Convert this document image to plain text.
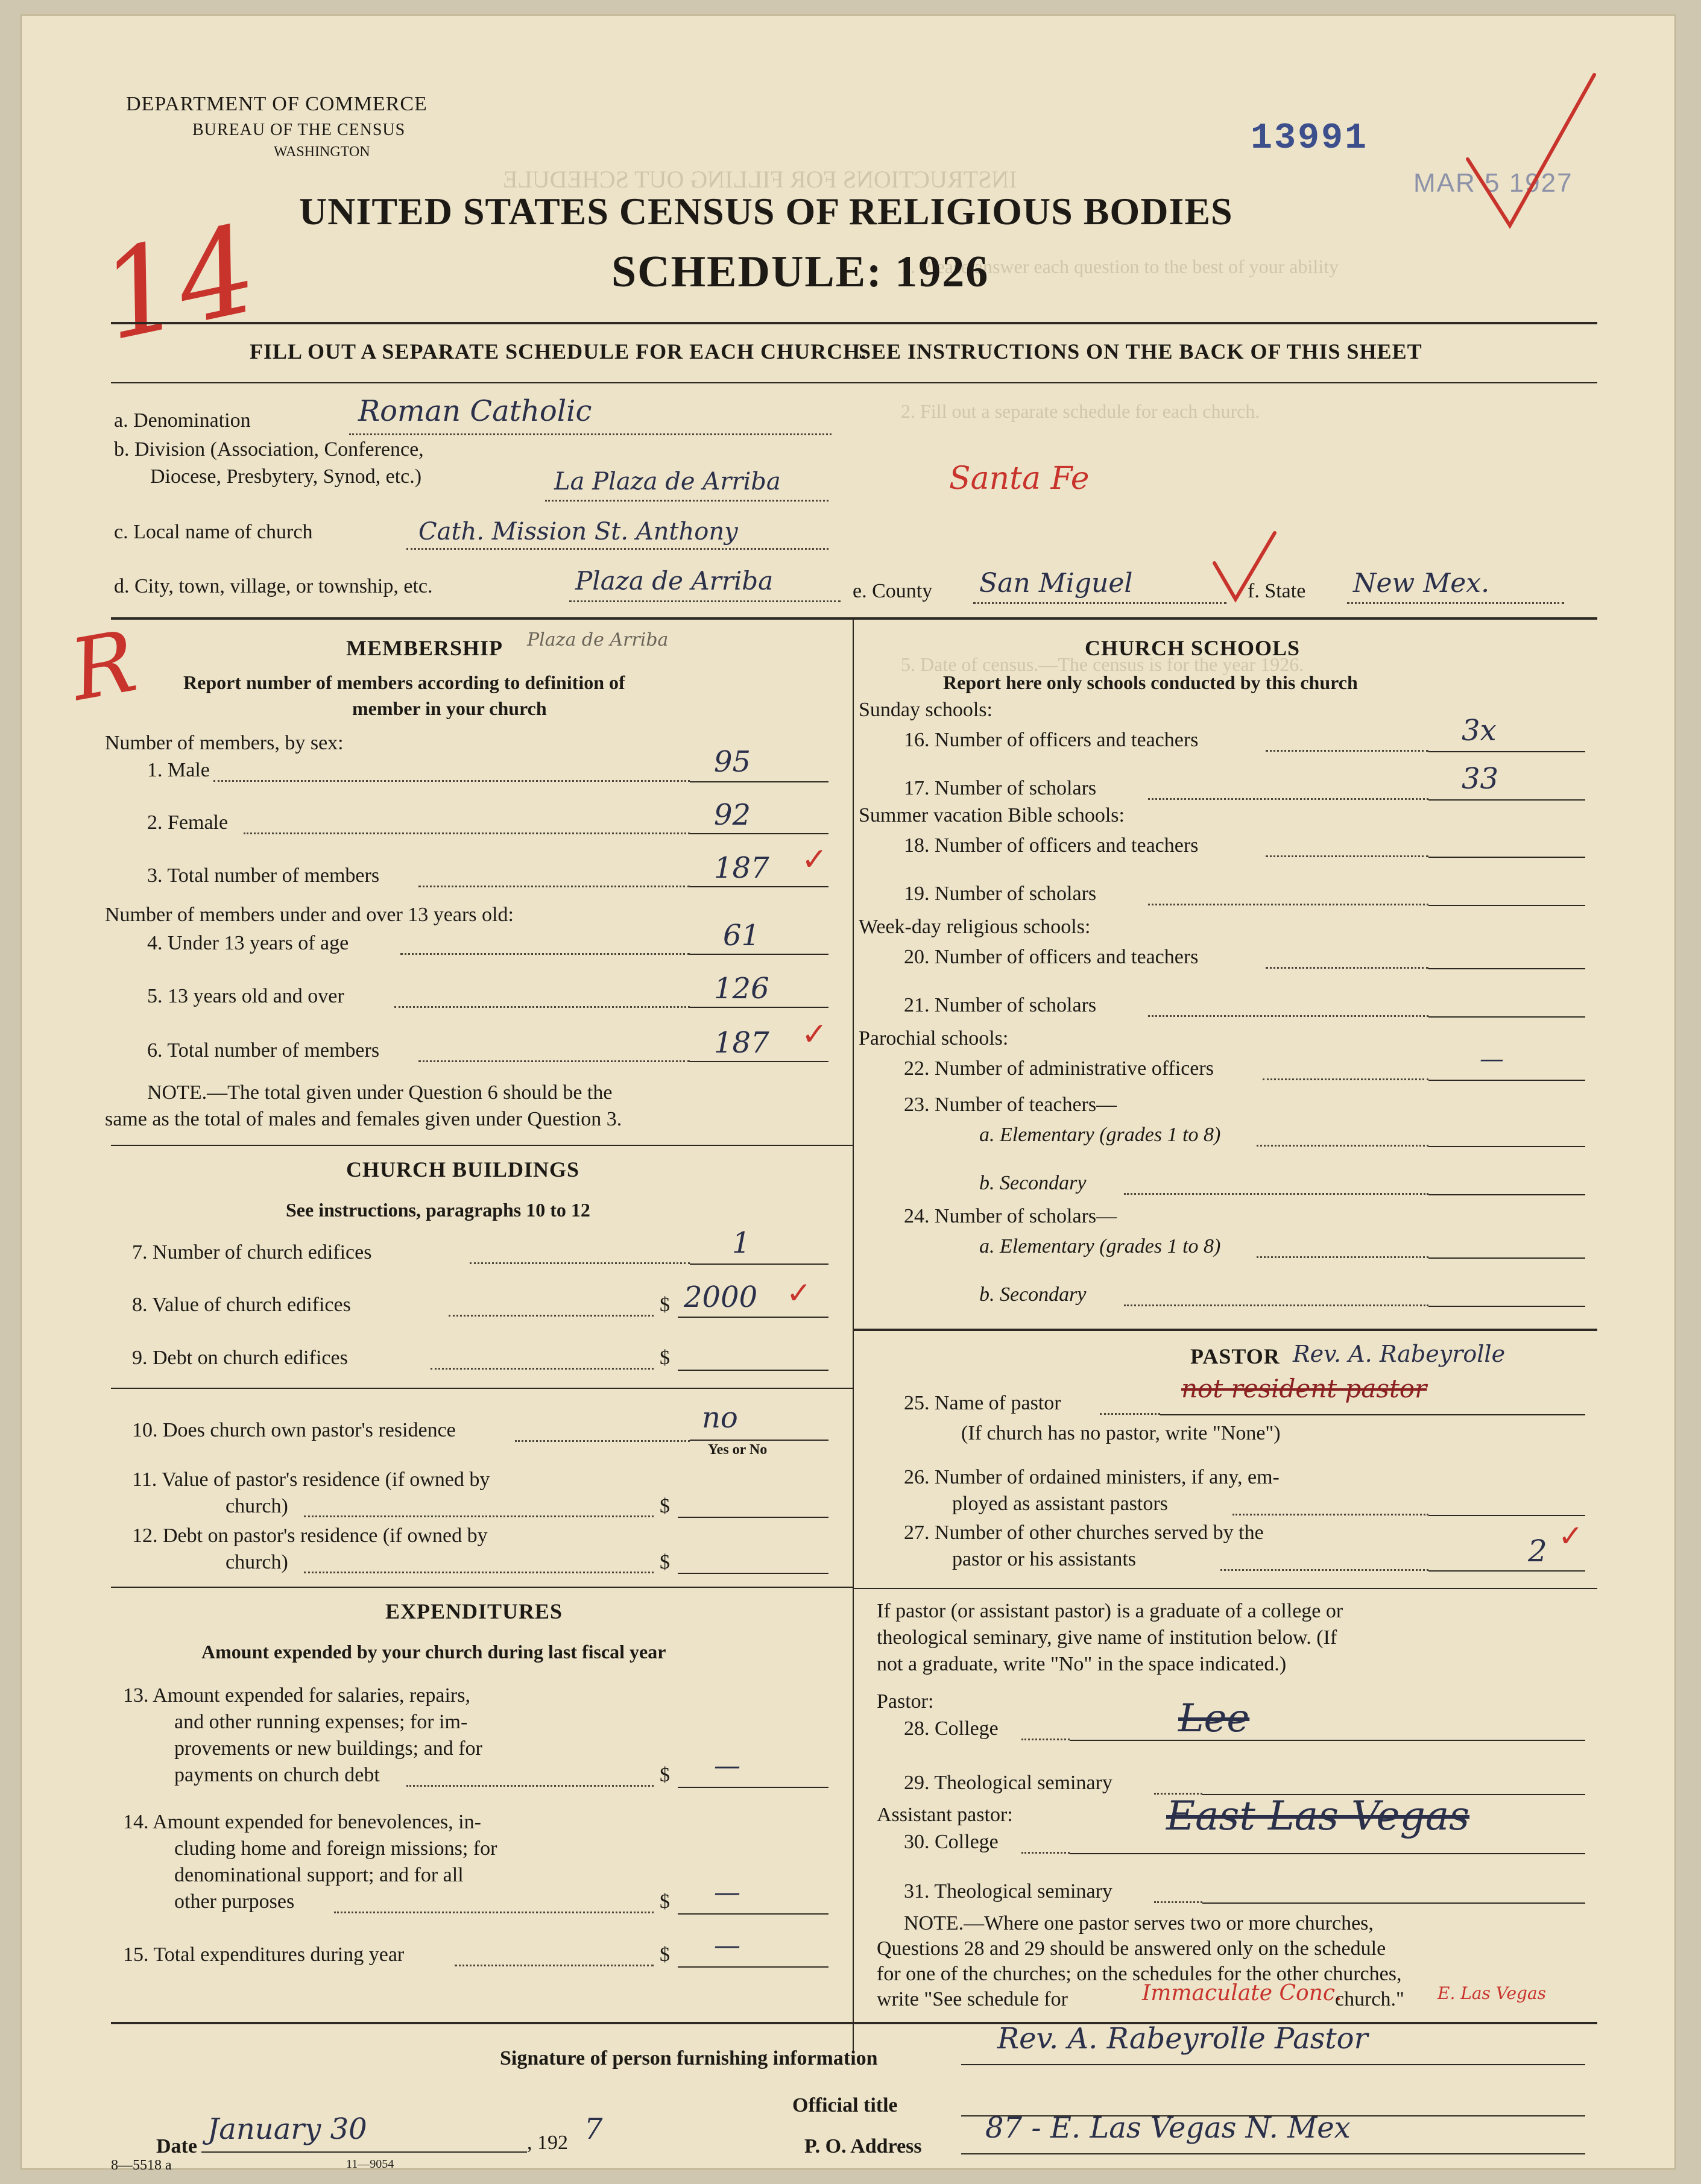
INSTRUCTIONS FOR FILLING OUT SCHEDULE
1. Please answer each question to the best of your ability
2. Fill out a separate schedule for each church.
5. Date of census.—The census is for the year 1926.
DEPARTMENT OF COMMERCE
BUREAU OF THE CENSUS
WASHINGTON	13991
MAR 5 1927
UNITED STATES CENSUS OF RELIGIOUS BODIES
SCHEDULE: 1926
14
FILL OUT A SEPARATE SCHEDULE FOR EACH CHURCH.
SEE INSTRUCTIONS ON THE BACK OF THIS SHEET
a. Denomination	Roman Catholic
b. Division (Association, Conference,
Diocese, Presbytery, Synod, etc.)	La Plaza de Arriba	Santa Fe
c. Local name of church	Cath. Mission St. Anthony
d. City, town, village, or township, etc.	Plaza de Arriba	e. County San Miguel	f. State New Mex.
MEMBERSHIP Plaza de Arriba
R Report number of members according to definition of
member in your church
Number of members, by sex:
1. Male	95
2. Female	92
3. Total number of members	187 ✓
Number of members under and over 13 years old:
4. Under 13 years of age	61
5. 13 years old and over	126
6. Total number of members	187 ✓
NOTE.—The total given under Question 6 should be the
same as the total of males and females given under Question 3.
CHURCH BUILDINGS
See instructions, paragraphs 10 to 12
7. Number of church edifices	1
8. Value of church edifices	$ 2000 ✓
9. Debt on church edifices	$
10. Does church own pastor's residence	no
Yes or No
11. Value of pastor's residence (if owned by
church)	$
12. Debt on pastor's residence (if owned by
church)	$
EXPENDITURES
Amount expended by your church during last fiscal year
13. Amount expended for salaries, repairs,
and other running expenses; for im-
provements or new buildings; and for
payments on church debt	$ —
14. Amount expended for benevolences, in-
cluding home and foreign missions; for
denominational support; and for all
other purposes	$ —
15. Total expenditures during year	$ —
CHURCH SCHOOLS
Report here only schools conducted by this church
Sunday schools:
16. Number of officers and teachers	3x
17. Number of scholars	33
Summer vacation Bible schools:
18. Number of officers and teachers
19. Number of scholars
Week-day religious schools:
20. Number of officers and teachers
21. Number of scholars
Parochial schools:
22. Number of administrative officers	—
23. Number of teachers—
a. Elementary (grades 1 to 8)
b. Secondary
24. Number of scholars—
a. Elementary (grades 1 to 8)
b. Secondary
PASTOR Rev. A. Rabeyrolle
25. Name of pastor	not resident pastor
(If church has no pastor, write "None")
26. Number of ordained ministers, if any, em-
ployed as assistant pastors
27. Number of other churches served by the
pastor or his assistants	2 ✓
If pastor (or assistant pastor) is a graduate of a college or
theological seminary, give name of institution below. (If
not a graduate, write "No" in the space indicated.)
Pastor:
28. College	Lee
29. Theological seminary
Assistant pastor:
30. College
East Las Vegas
31. Theological seminary
NOTE.—Where one pastor serves two or more churches,
Questions 28 and 29 should be answered only on the schedule
for one of the churches; on the schedules for the other churches,
write "See schedule for	Immaculate Conc.
church." E. Las Vegas
Signature of person furnishing information
Rev. A. Rabeyrolle Pastor
Official title
Date
January 30	, 192 7
8—5518 a	11—9054
P. O. Address
87 - E. Las Vegas N. Mex
